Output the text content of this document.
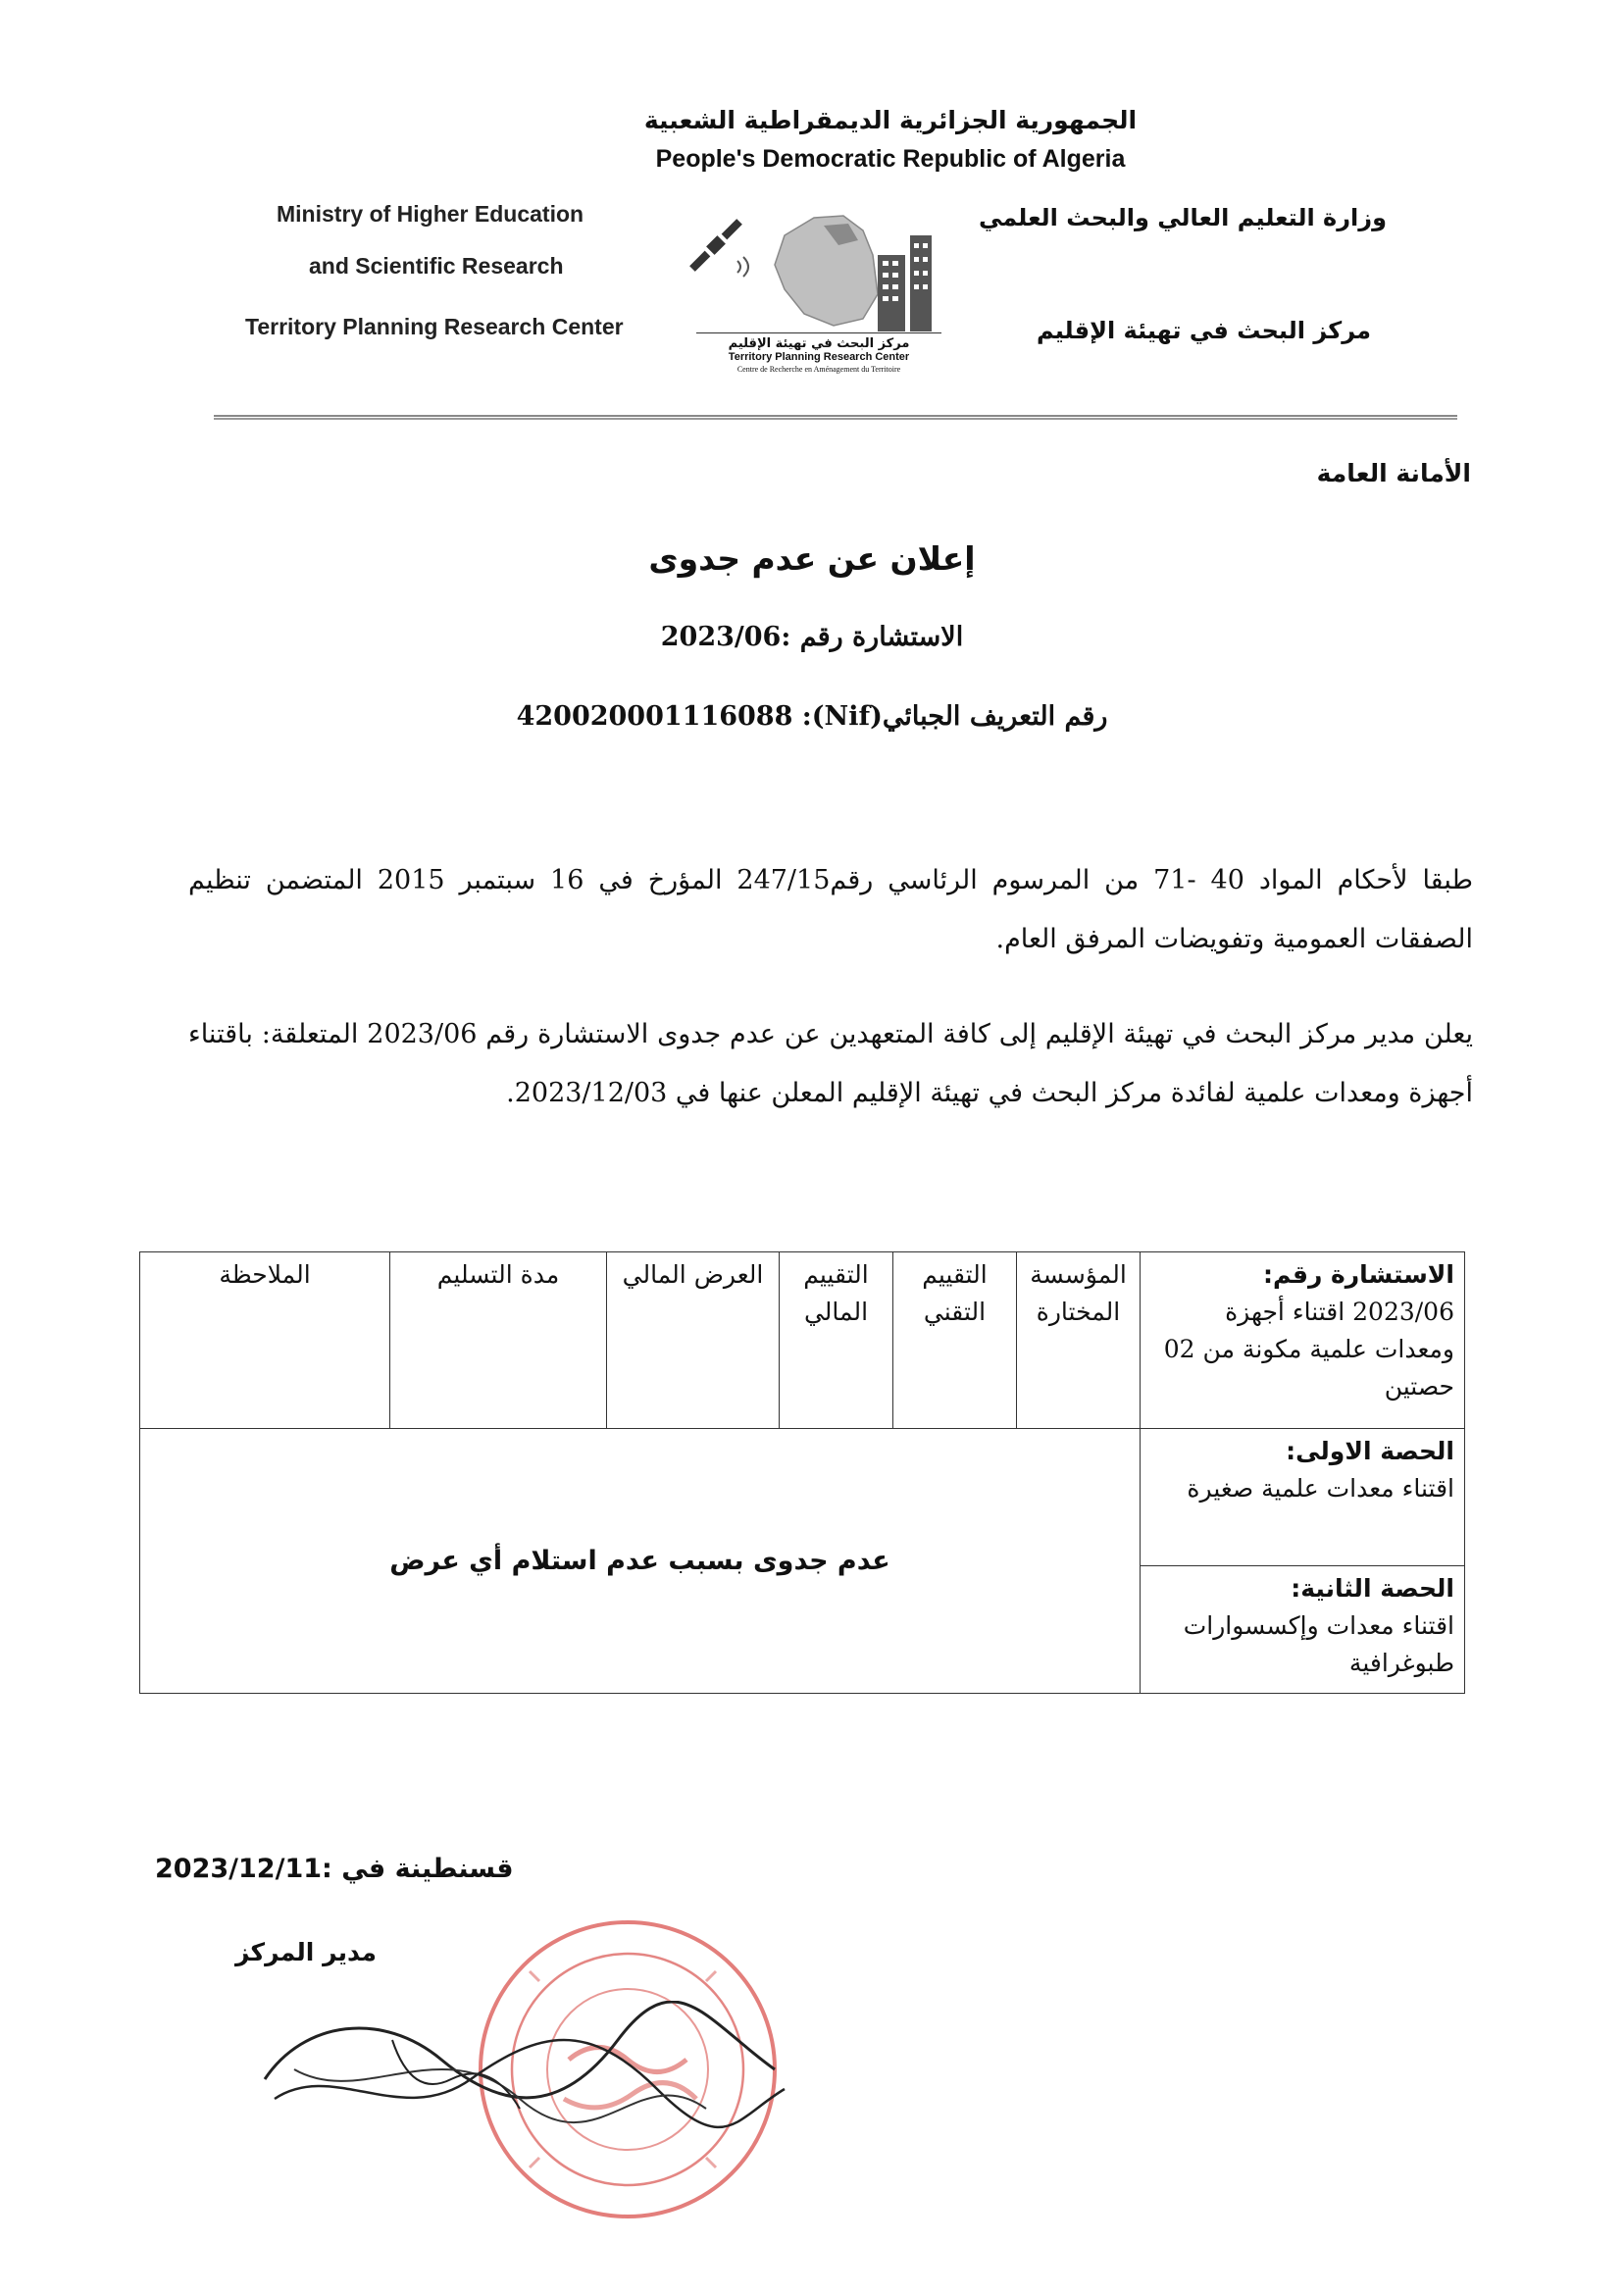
الجمهورية الجزائرية الديمقراطية الشعبية
People's Democratic Republic of Algeria
Ministry of Higher Education
and Scientific Research
Territory Planning Research Center
وزارة التعليم العالي والبحث العلمي
مركز البحث في تهيئة الإقليم
مركز البحث في تهيئة الإقليم
Territory Planning Research Center
Centre de Recherche en Aménagement du Territoire
الأمانة العامة
إعلان عن عدم جدوى
الاستشارة رقم :2023/06
رقم التعريف الجبائي(Nif): 420020001116088
طبقا لأحكام المواد 40 -71 من المرسوم الرئاسي رقم247/15 المؤرخ في 16 سبتمبر 2015 المتضمن تنظيم الصفقات العمومية وتفويضات المرفق العام.
يعلن مدير مركز البحث في تهيئة الإقليم إلى كافة المتعهدين عن عدم جدوى الاستشارة رقم 2023/06 المتعلقة: باقتناء أجهزة ومعدات علمية لفائدة مركز البحث في تهيئة الإقليم المعلن عنها في 2023/12/03.
الاستشارة رقم:
2023/06 اقتناء أجهزة ومعدات علمية مكونة من 02 حصتين	المؤسسة المختارة	التقييم التقني	التقييم المالي	العرض المالي	مدة التسليم	الملاحظة
الحصة الاولى:
اقتناء معدات علمية صغيرة	عدم جدوى بسبب عدم استلام أي عرض					
الحصة الثانية:
اقتناء معدات وإكسسوارات طبوغرافية						
قسنطينة في :2023/12/11
مدير المركز
